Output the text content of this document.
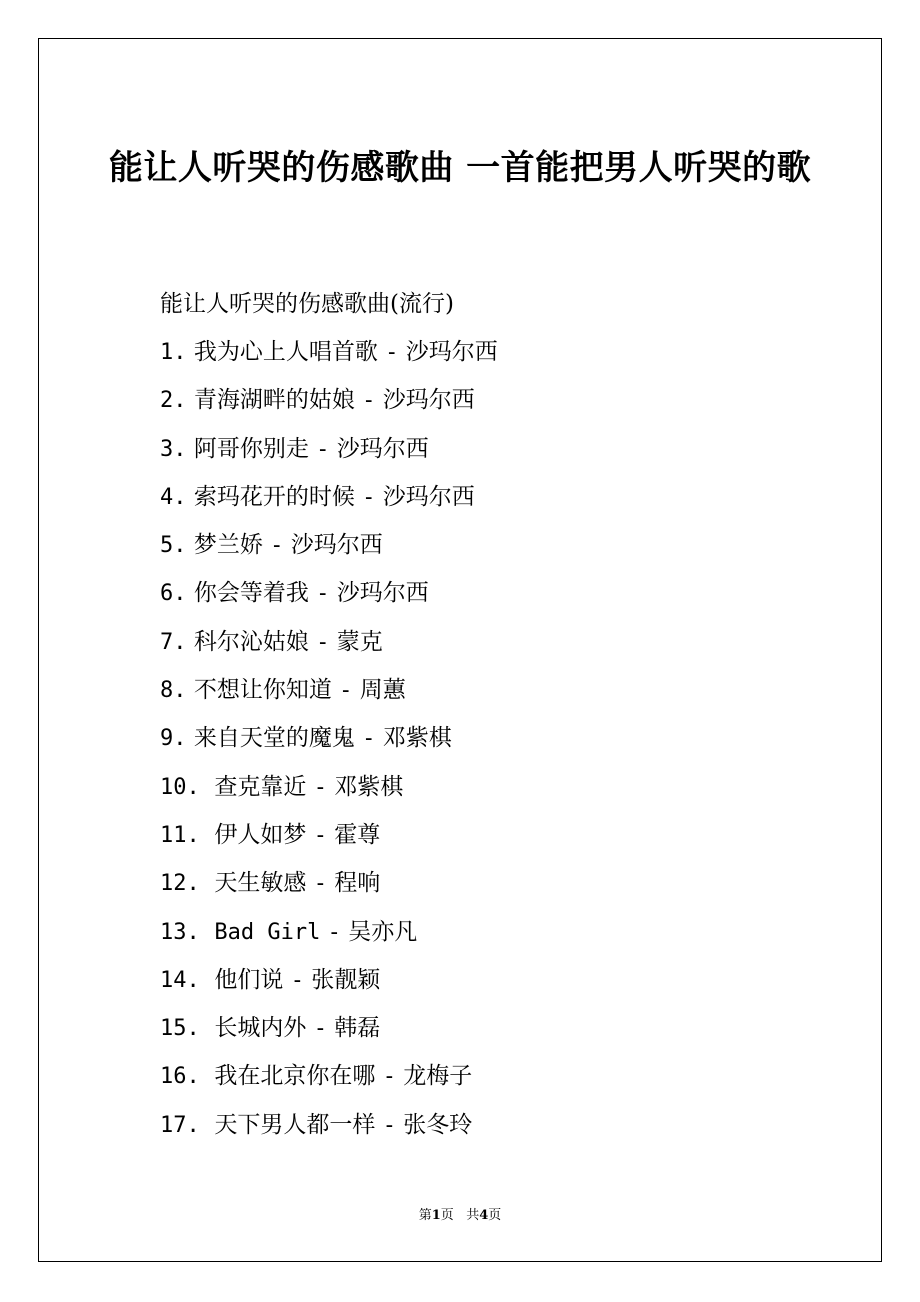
能让人听哭的伤感歌曲 一首能把男人听哭的歌

能让人听哭的伤感歌曲(流行)

1. 我为心上人唱首歌 - 沙玛尔西
2. 青海湖畔的姑娘 - 沙玛尔西
3. 阿哥你别走 - 沙玛尔西
4. 索玛花开的时候 - 沙玛尔西
5. 梦兰娇 - 沙玛尔西
6. 你会等着我 - 沙玛尔西
7. 科尔沁姑娘 - 蒙克
8. 不想让你知道 - 周蕙
9. 来自天堂的魔鬼 - 邓紫棋
10. 查克靠近 - 邓紫棋
11. 伊人如梦 - 霍尊
12. 天生敏感 - 程响
13. Bad Girl - 吴亦凡
14. 他们说 - 张靓颖
15. 长城内外 - 韩磊
16. 我在北京你在哪 - 龙梅子
17. 天下男人都一样 - 张冬玲
第1页 共4页
